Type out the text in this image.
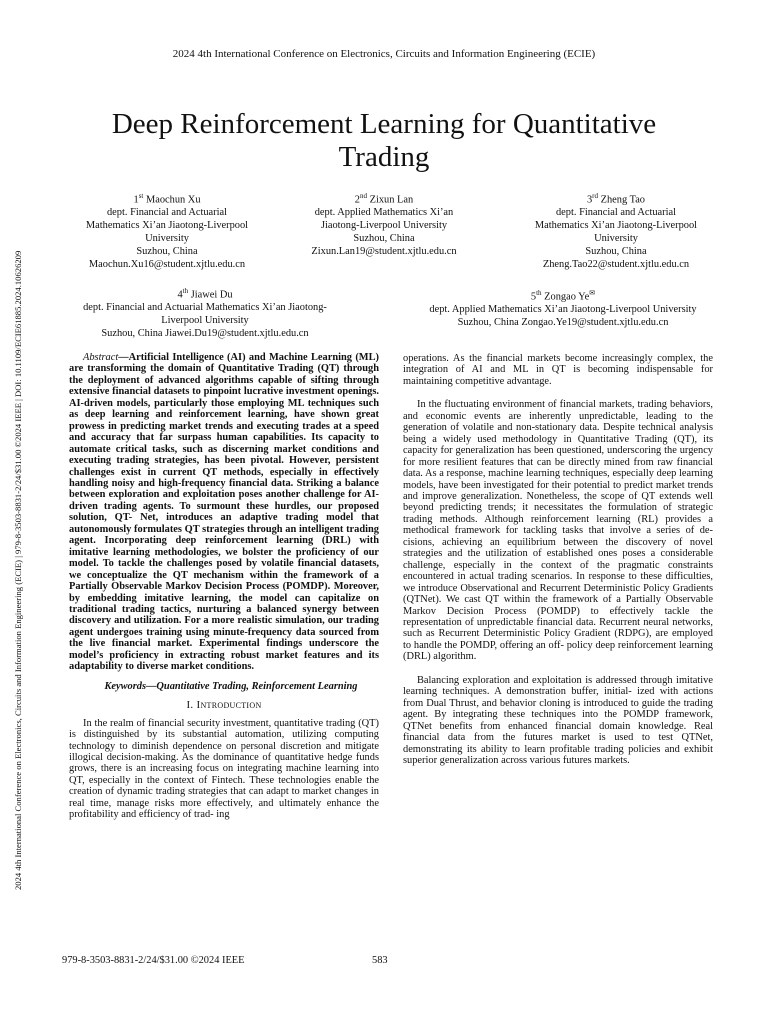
2024 4th International Conference on Electronics, Circuits and Information Engineering (ECIE)
2024 4th International Conference on Electronics, Circuits and Information Engineering (ECIE) | 979-8-3503-8831-2/24/$31.00 ©2024 IEEE | DOI: 10.1109/ECIE61885.2024.10626209
Deep Reinforcement Learning for Quantitative Trading
1st Maochun Xu
dept. Financial and Actuarial
Mathematics Xi’an Jiaotong-Liverpool
University
Suzhou, China
Maochun.Xu16@student.xjtlu.edu.cn
2nd Zixun Lan
dept. Applied Mathematics Xi’an
Jiaotong-Liverpool University
Suzhou, China
Zixun.Lan19@student.xjtlu.edu.cn
3rd Zheng Tao
dept. Financial and Actuarial
Mathematics Xi’an Jiaotong-Liverpool
University
Suzhou, China
Zheng.Tao22@student.xjtlu.edu.cn
4th Jiawei Du
dept. Financial and Actuarial Mathematics Xi’an Jiaotong-
Liverpool University
Suzhou, China Jiawei.Du19@student.xjtlu.edu.cn
5th Zongao Ye✉
dept. Applied Mathematics Xi’an Jiaotong-Liverpool University
Suzhou, China Zongao.Ye19@student.xjtlu.edu.cn

Abstract—Artificial Intelligence (AI) and Machine Learning (ML) are transforming the domain of Quantitative Trading (QT) through the deployment of advanced algorithms capable of sifting through extensive financial datasets to pinpoint lucrative investment openings. AI-driven models, particularly those employing ML techniques such as deep learning and reinforcement learning, have shown great prowess in predicting market trends and executing trades at a speed and accuracy that far surpass human capabilities. Its capacity to automate critical tasks, such as discerning market conditions and executing trading strategies, has been pivotal. However, persistent challenges exist in current QT methods, especially in effectively handling noisy and high-frequency financial data. Striking a balance between exploration and exploitation poses another challenge for AI-driven trading agents. To surmount these hurdles, our proposed solution, QT- Net, introduces an adaptive trading model that autonomously formulates QT strategies through an intelligent trading agent. Incorporating deep reinforcement learning (DRL) with imitative learning methodologies, we bolster the proficiency of our model. To tackle the challenges posed by volatile financial datasets, we conceptualize the QT mechanism within the framework of a Partially Observable Markov Decision Process (POMDP). Moreover, by embedding imitative learning, the model can capitalize on traditional trading tactics, nurturing a balanced synergy between discovery and utilization. For a more realistic simulation, our trading agent undergoes training using minute-frequency data sourced from the live financial market. Experimental findings underscore the model’s proficiency in extracting robust market features and its adaptability to diverse market conditions.

Keywords—Quantitative Trading, Reinforcement Learning

I. Introduction

In the realm of financial security investment, quantitative trading (QT) is distinguished by its substantial automation, utilizing computing technology to diminish dependence on personal discretion and mitigate illogical decision-making. As the dominance of quantitative hedge funds grows, there is an increasing focus on integrating machine learning into QT, especially in the context of Fintech. These technologies enable the creation of dynamic trading strategies that can adapt to market changes in real time, manage risks more effectively, and ultimately enhance the profitability and efficiency of trad- ing

operations. As the financial markets become increasingly complex, the integration of AI and ML in QT is becoming indispensable for maintaining competitive advantage.

In the fluctuating environment of financial markets, trading behaviors, and economic events are inherently unpredictable, leading to the generation of volatile and non-stationary data. Despite technical analysis being a widely used methodology in Quantitative Trading (QT), its capacity for generalization has been questioned, underscoring the urgency for more resilient features that can be directly mined from raw financial data. As a response, machine learning techniques, especially deep learning models, have been investigated for their potential to predict market trends and improve generalization. Nonetheless, the scope of QT extends well beyond predicting trends; it necessitates the formulation of strategic trading methods. Although reinforcement learning (RL) provides a methodical framework for tackling tasks that involve a series of de- cisions, achieving an equilibrium between the discovery of novel strategies and the utilization of established ones poses a considerable challenge, especially in the context of the pragmatic constraints encountered in actual trading scenarios. In response to these difficulties, we introduce Observational and Recurrent Deterministic Policy Gradients (QTNet). We cast QT within the framework of a Partially Observable Markov Decision Process (POMDP) to effectively tackle the representation of unpredictable financial data. Recurrent neural networks, such as Recurrent Deterministic Policy Gradient (RDPG), are employed to handle the POMDP, offering an off- policy deep reinforcement learning (DRL) algorithm.

Balancing exploration and exploitation is addressed through imitative learning techniques. A demonstration buffer, initial- ized with actions from Dual Thrust, and behavior cloning is introduced to guide the trading agent. By integrating these techniques into the POMDP framework, QTNet benefits from enhanced financial domain knowledge. Real financial data from the futures market is used to test QTNet, demonstrating its ability to learn profitable trading policies and exhibit superior generalization across various futures markets.

979-8-3503-8831-2/24/$31.00 ©2024 IEEE	583
